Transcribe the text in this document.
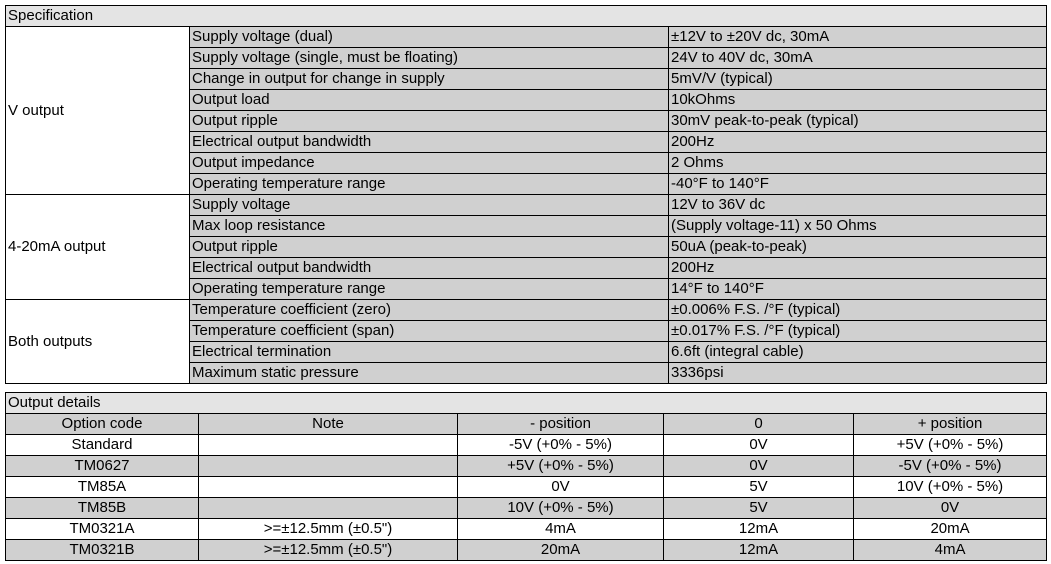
Specification		
V output	Supply voltage (dual)	±12V to ±20V dc, 30mA
	Supply voltage (single, must be floating)	24V to 40V dc, 30mA
	Change in output for change in supply	5mV/V (typical)
	Output load	10kOhms
	Output ripple	30mV peak-to-peak (typical)
	Electrical output bandwidth	200Hz
	Output impedance	2 Ohms
	Operating temperature range	-40°F to 140°F
4-20mA output	Supply voltage	12V to 36V dc
	Max loop resistance	(Supply voltage-11) x 50 Ohms
	Output ripple	50uA (peak-to-peak)
	Electrical output bandwidth	200Hz
	Operating temperature range	14°F to 140°F
Both outputs	Temperature coefficient (zero)	±0.006% F.S. /°F (typical)
	Temperature coefficient (span)	±0.017% F.S. /°F (typical)
	Electrical termination	6.6ft (integral cable)
	Maximum static pressure	3336psi
Output details				
Option code	Note	- position	0	+ position
Standard		-5V (+0% - 5%)	0V	+5V (+0% - 5%)
TM0627		+5V (+0% - 5%)	0V	-5V (+0% - 5%)
TM85A		0V	5V	10V (+0% - 5%)
TM85B		10V (+0% - 5%)	5V	0V
TM0321A	>=±12.5mm (±0.5")	4mA	12mA	20mA
TM0321B	>=±12.5mm (±0.5")	20mA	12mA	4mA
